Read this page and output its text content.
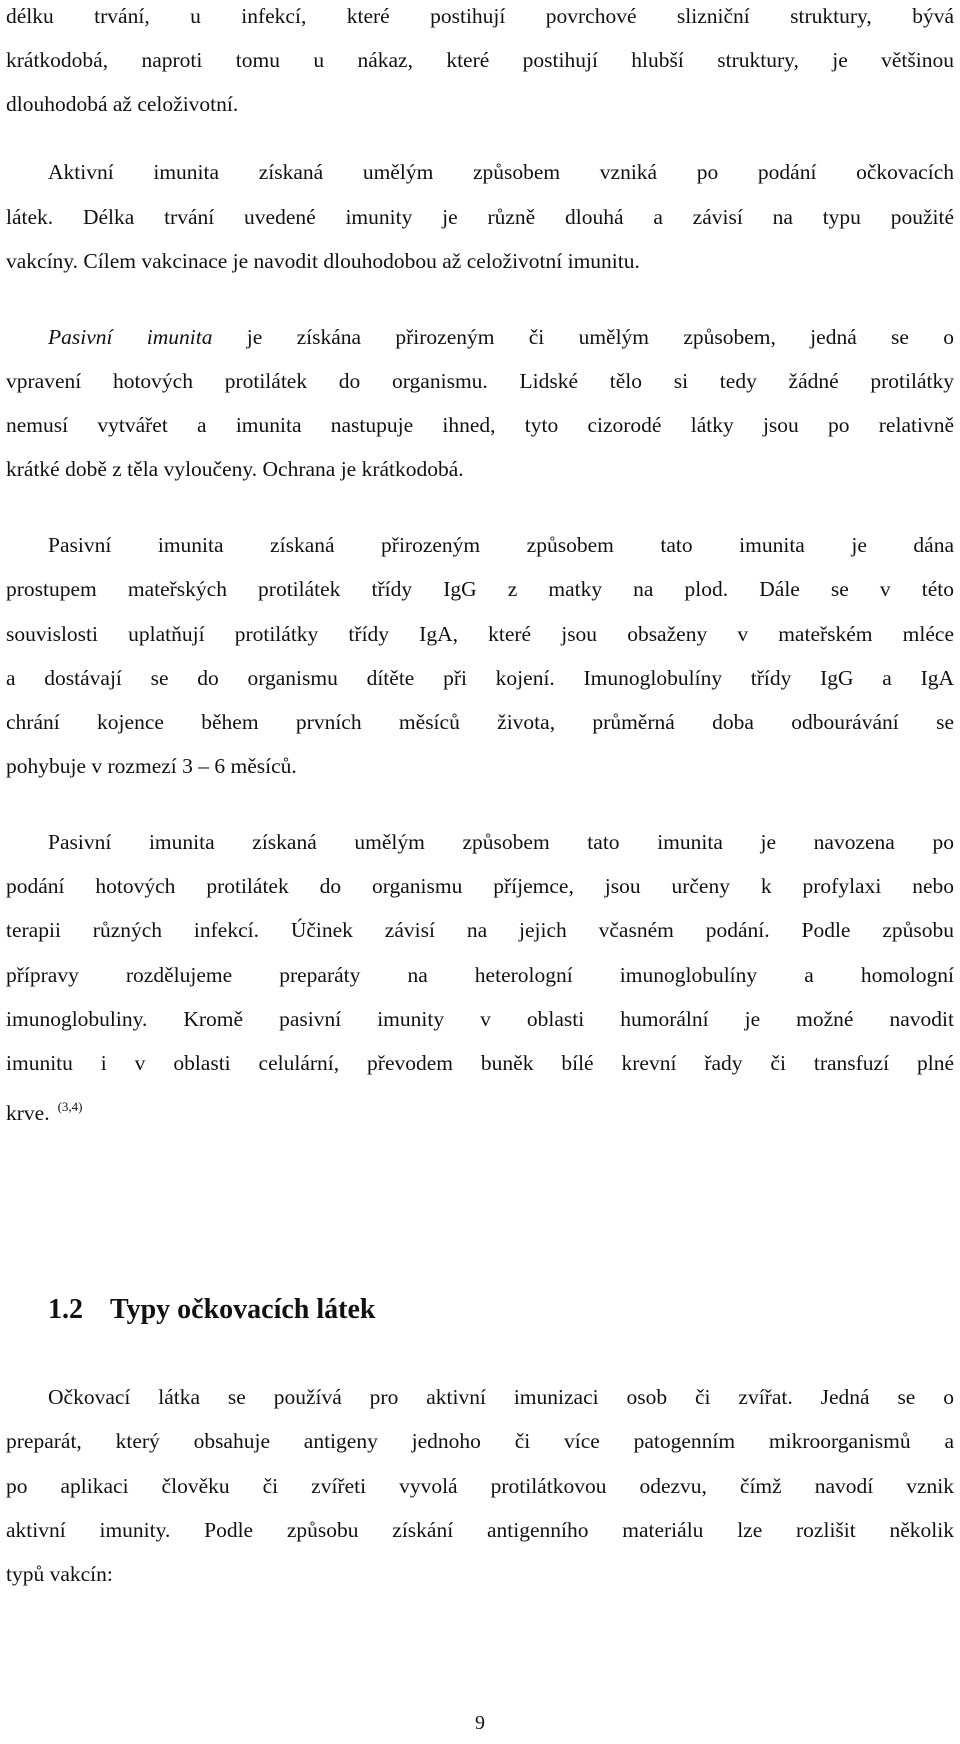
délku trvání, u infekcí, které postihují povrchové slizniční struktury, bývá
krátkodobá, naproti tomu u nákaz, které postihují hlubší struktury, je většinou
dlouhodobá až celoživotní.
Aktivní imunita získaná umělým způsobem vzniká po podání očkovacích
látek. Délka trvání uvedené imunity je různě dlouhá a závisí na typu použité
vakcíny. Cílem vakcinace je navodit dlouhodobou až celoživotní imunitu.
Pasivní imunita je získána přirozeným či umělým způsobem, jedná se o
vpravení hotových protilátek do organismu. Lidské tělo si tedy žádné protilátky
nemusí vytvářet a imunita nastupuje ihned, tyto cizorodé látky jsou po relativně
krátké době z těla vyloučeny. Ochrana je krátkodobá.
Pasivní imunita získaná přirozeným způsobem tato imunita je dána
prostupem mateřských protilátek třídy IgG z matky na plod. Dále se v této
souvislosti uplatňují protilátky třídy IgA, které jsou obsaženy v mateřském mléce
a dostávají se do organismu dítěte při kojení. Imunoglobulíny třídy IgG a IgA
chrání kojence během prvních měsíců života, průměrná doba odbourávání se
pohybuje v rozmezí 3 – 6 měsíců.
Pasivní imunita získaná umělým způsobem tato imunita je navozena po
podání hotových protilátek do organismu příjemce, jsou určeny k profylaxi nebo
terapii různých infekcí. Účinek závisí na jejich včasném podání. Podle způsobu
přípravy rozdělujeme preparáty na heterologní imunoglobulíny a homologní
imunoglobuliny. Kromě pasivní imunity v oblasti humorální je možné navodit
imunitu i v oblasti celulární, převodem buněk bílé krevní řady či transfuzí plné
krve. $^{(3,4)}$
1.2 Typy očkovacích látek
Očkovací látka se používá pro aktivní imunizaci osob či zvířat. Jedná se o
preparát, který obsahuje antigeny jednoho či více patogenním mikroorganismů a
po aplikaci člověku či zvířeti vyvolá protilátkovou odezvu, čímž navodí vznik
aktivní imunity. Podle způsobu získání antigenního materiálu lze rozlišit několik
typů vakcín:
9
